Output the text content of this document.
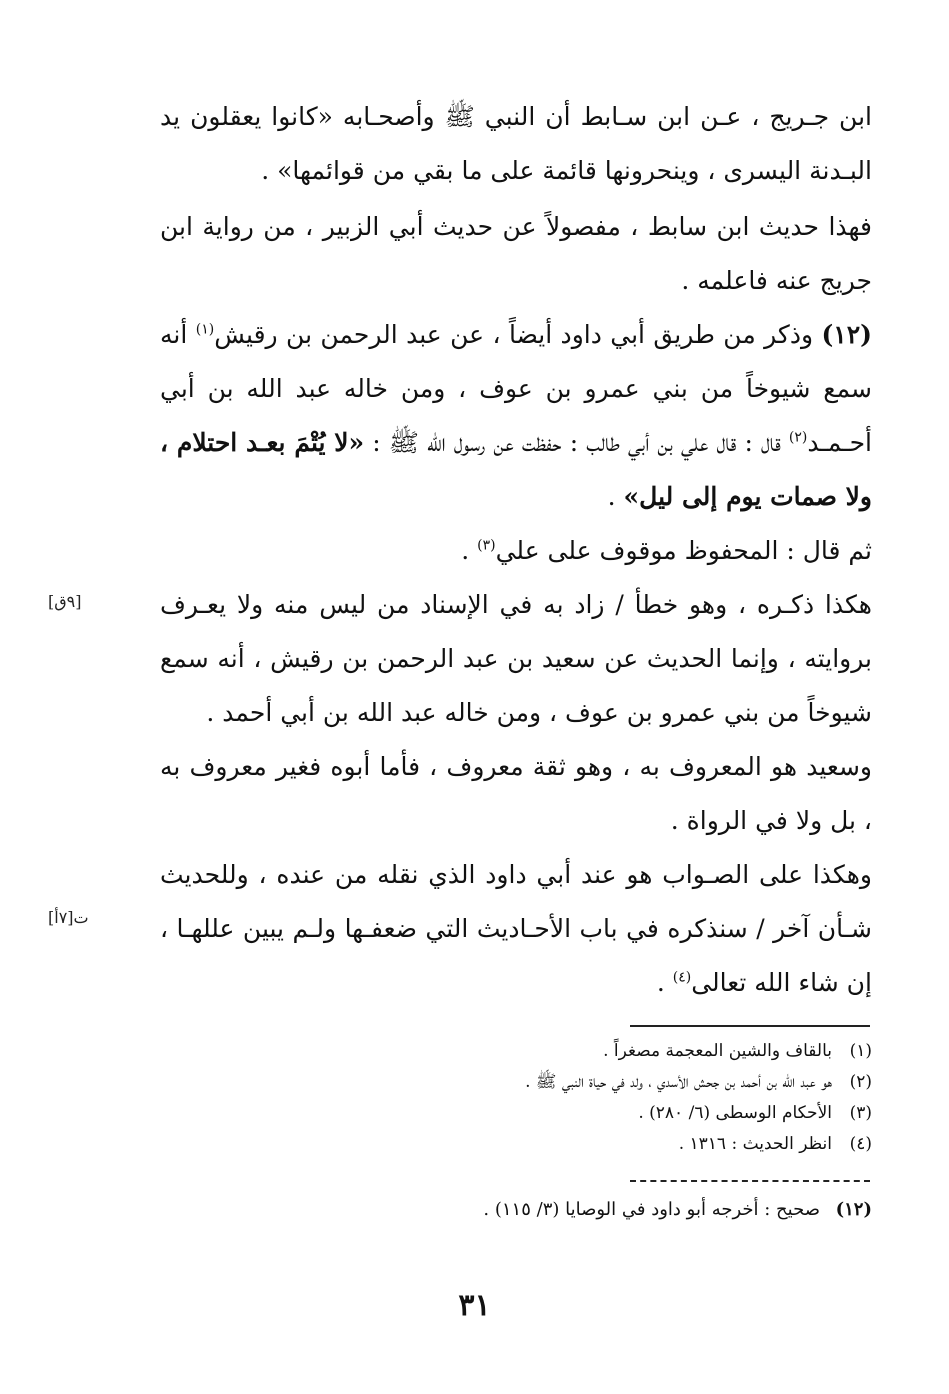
ابن جـريج ، عـن ابن سـابط أن النبي ﷺ وأصحـابه «كانوا يعقلون يد البـدنة اليسرى ، وينحرونها قائمة على ما بقي من قوائمها» .

فهذا حديث ابن سابط ، مفصولاً عن حديث أبي الزبير ، من رواية ابن جريج عنه فاعلمه .

(١٢) وذكر من طريق أبي داود أيضاً ، عن عبد الرحمن بن رقيش$^{(١)}$ أنه سمع شيوخاً من بني عمرو بن عوف ، ومن خاله عبد الله بن أبي أحـمـد$^{(٢)}$ قال : قال علي بن أبي طالب : حفظت عن رسول الله ﷺ : «لا يُتْمَ بعـد احتلام ، ولا صمات يوم إلى ليل» .

ثم قال : المحفوظ موقوف على علي$^{(٣)}$ .

هكذا ذكـره ، وهو خطأ / زاد به في الإسناد من ليس منه ولا يعـرف بروايته ، وإنما الحديث عن سعيد بن عبد الرحمن بن رقيش ، أنه سمع شيوخاً من بني عمرو بن عوف ، ومن خاله عبد الله بن أبي أحمد .

وسعيد هو المعروف به ، وهو ثقة معروف ، فأما أبوه فغير معروف به ، بل ولا في الرواة .

وهكذا على الصـواب هو عند أبي داود الذي نقله من عنده ، وللحديث شـأن آخر / سنذكره في باب الأحـاديث التي ضعفـها ولـم يبين عللهـا ، إن شاء الله تعالى$^{(٤)}$ .

[٩ق]
[٧أ]ت
(١)بالقاف والشين المعجمة مصغراً .
(٢)هو عبد الله بن أحمد بن جحش الأسدي ، ولد في حياة النبي ﷺ .
(٣)الأحكام الوسطى (٦/ ٢٨٠) .
(٤)انظر الحديث : ١٣١٦ .
(١٢)صحيح : أخرجه أبو داود في الوصايا (٣/ ١١٥) .
٣١
